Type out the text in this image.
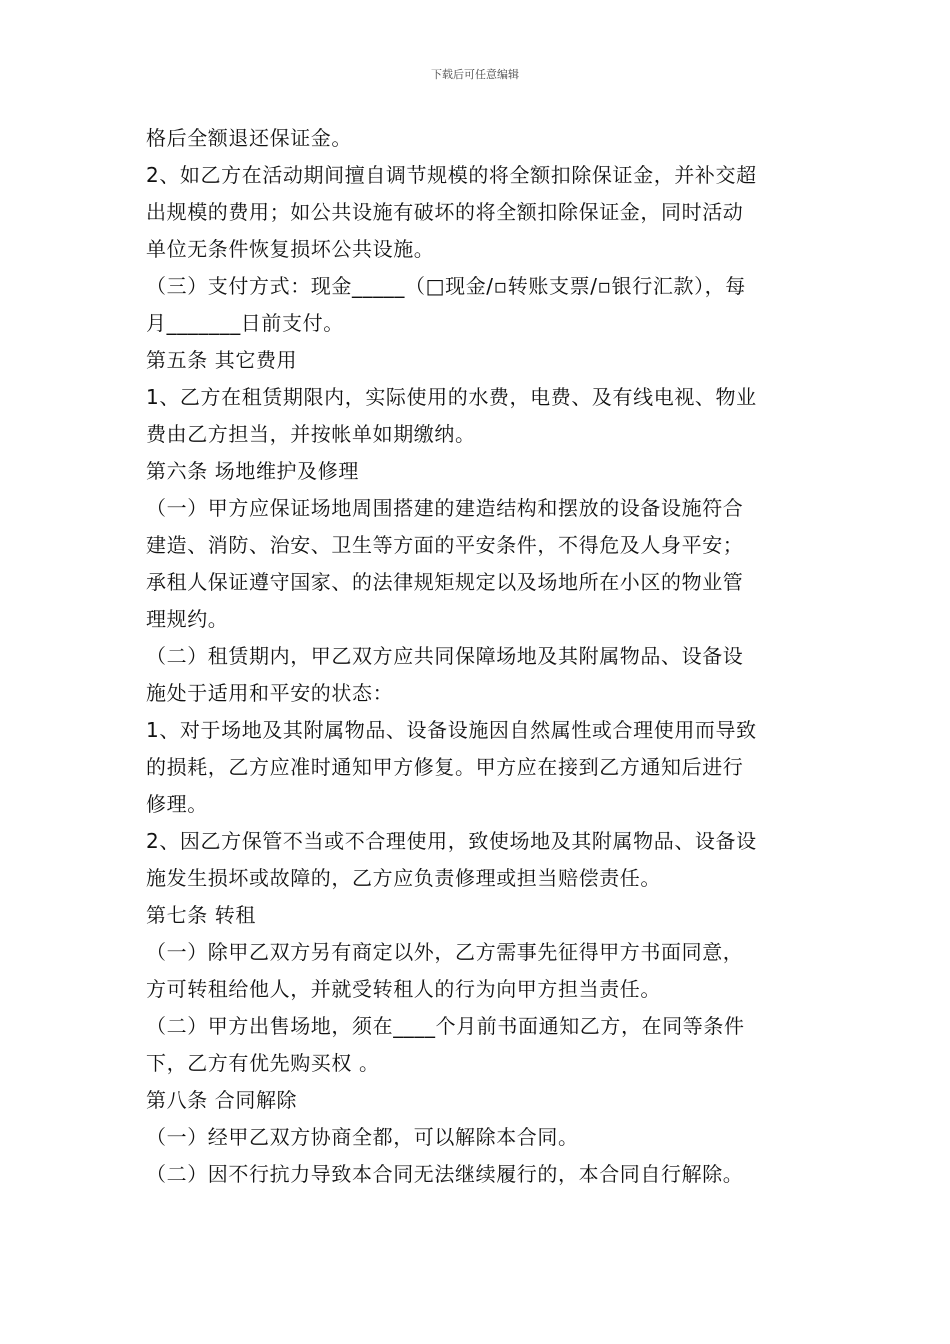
下载后可任意编辑
格后全额退还保证金。
2、如乙方在活动期间擅自调节规模的将全额扣除保证金，并补交超
出规模的费用；如公共设施有破坏的将全额扣除保证金，同时活动
单位无条件恢复损坏公共设施。
（三）支付方式：现金_____（□现金/▫转账支票/▫银行汇款），每
月_______日前支付。
第五条 其它费用
1、乙方在租赁期限内，实际使用的水费，电费、及有线电视、物业
费由乙方担当，并按帐单如期缴纳。
第六条 场地维护及修理
（一）甲方应保证场地周围搭建的建造结构和摆放的设备设施符合
建造、消防、治安、卫生等方面的平安条件，不得危及人身平安；
承租人保证遵守国家、的法律规矩规定以及场地所在小区的物业管
理规约。
（二）租赁期内，甲乙双方应共同保障场地及其附属物品、设备设
施处于适用和平安的状态：
1、对于场地及其附属物品、设备设施因自然属性或合理使用而导致
的损耗，乙方应准时通知甲方修复。甲方应在接到乙方通知后进行
修理。
2、因乙方保管不当或不合理使用，致使场地及其附属物品、设备设
施发生损坏或故障的，乙方应负责修理或担当赔偿责任。
第七条 转租
（一）除甲乙双方另有商定以外，乙方需事先征得甲方书面同意，
方可转租给他人，并就受转租人的行为向甲方担当责任。
（二）甲方出售场地，须在____个月前书面通知乙方，在同等条件
下，乙方有优先购买权 。
第八条 合同解除
（一）经甲乙双方协商全都，可以解除本合同。
（二）因不行抗力导致本合同无法继续履行的，本合同自行解除。
